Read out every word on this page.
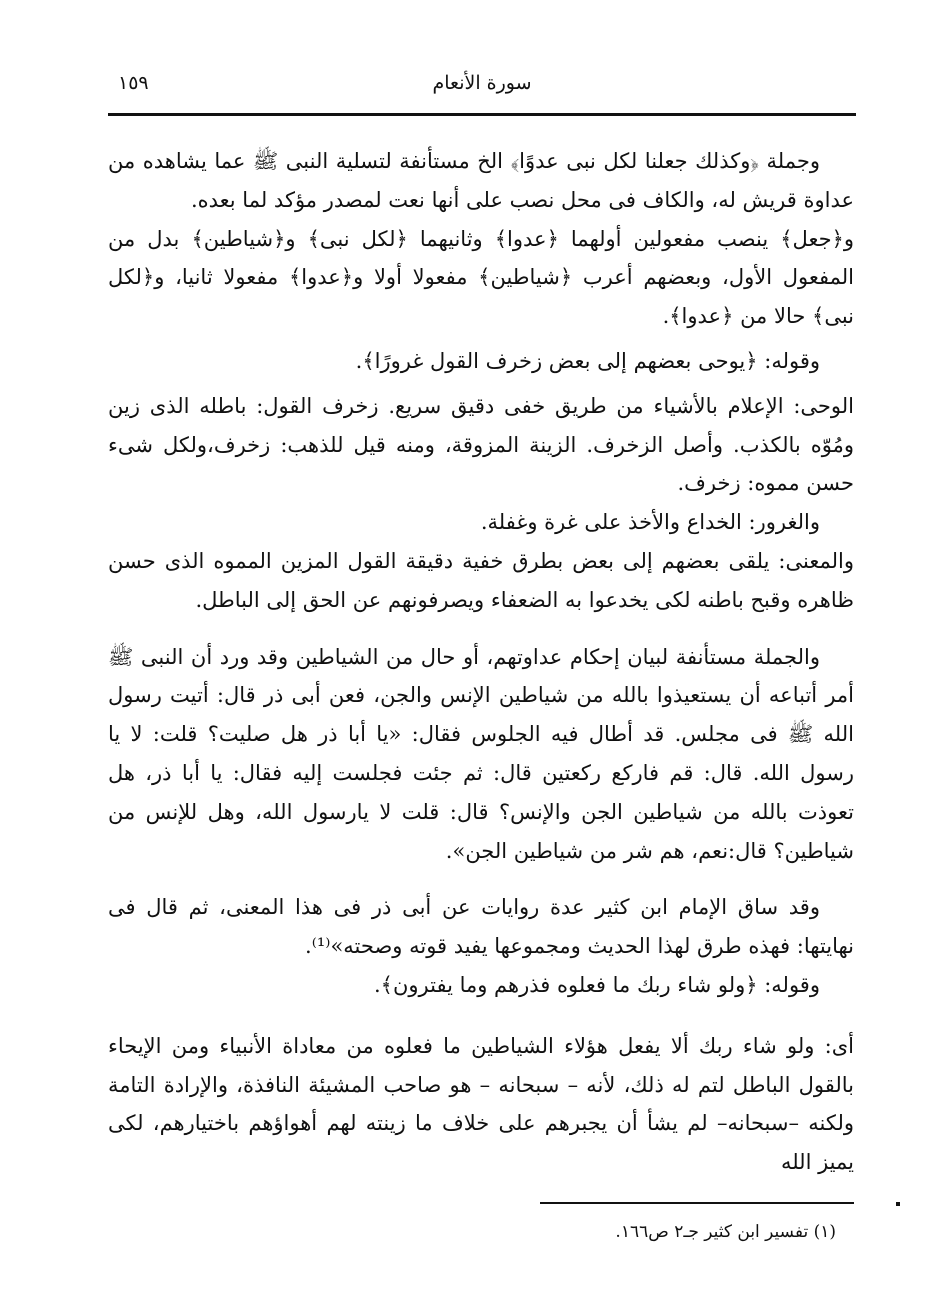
سورة الأنعام
١٥٩

وجملة ﴿وكذلك جعلنا لكل نبى عدوًا﴾ الخ مستأنفة لتسلية النبى ﷺ عما يشاهده من عداوة قريش له، والكاف فى محل نصب على أنها نعت لمصدر مؤكد لما بعده.

و﴿جعل﴾ ينصب مفعولين أولهما ﴿عدوا﴾ وثانيهما ﴿لكل نبى﴾ و﴿شياطين﴾ بدل من المفعول الأول، وبعضهم أعرب ﴿شياطين﴾ مفعولا أولا و﴿عدوا﴾ مفعولا ثانيا، و﴿لكل نبى﴾ حالا من ﴿عدوا﴾.

وقوله: ﴿يوحى بعضهم إلى بعض زخرف القول غرورًا﴾.

الوحى: الإعلام بالأشياء من طريق خفى دقيق سريع. زخرف القول: باطله الذى زين ومُوّه بالكذب. وأصل الزخرف. الزينة المزوقة، ومنه قيل للذهب: زخرف،ولكل شىء حسن مموه: زخرف.

والغرور: الخداع والأخذ على غرة وغفلة.

والمعنى: يلقى بعضهم إلى بعض بطرق خفية دقيقة القول المزين المموه الذى حسن ظاهره وقبح باطنه لكى يخدعوا به الضعفاء ويصرفونهم عن الحق إلى الباطل.

والجملة مستأنفة لبيان إحكام عداوتهم، أو حال من الشياطين وقد ورد أن النبى ﷺ أمر أتباعه أن يستعيذوا بالله من شياطين الإنس والجن، فعن أبى ذر قال: أتيت رسول الله ﷺ فى مجلس. قد أطال فيه الجلوس فقال: «يا أبا ذر هل صليت؟ قلت: لا يا رسول الله. قال: قم فاركع ركعتين قال: ثم جئت فجلست إليه فقال: يا أبا ذر، هل تعوذت بالله من شياطين الجن والإنس؟ قال: قلت لا يارسول الله، وهل للإنس من شياطين؟ قال:نعم، هم شر من شياطين الجن».

وقد ساق الإمام ابن كثير عدة روايات عن أبى ذر فى هذا المعنى، ثم قال فى نهايتها: فهذه طرق لهذا الحديث ومجموعها يفيد قوته وصحته»⁽¹⁾.

وقوله: ﴿ولو شاء ربك ما فعلوه فذرهم وما يفترون﴾.

أى: ولو شاء ربك ألا يفعل هؤلاء الشياطين ما فعلوه من معاداة الأنبياء ومن الإيحاء بالقول الباطل لتم له ذلك، لأنه – سبحانه – هو صاحب المشيئة النافذة، والإرادة التامة ولكنه –سبحانه– لم يشأ أن يجبرهم على خلاف ما زينته لهم أهواؤهم باختيارهم، لكى يميز الله

(١) تفسير ابن كثير جـ٢ ص١٦٦.
